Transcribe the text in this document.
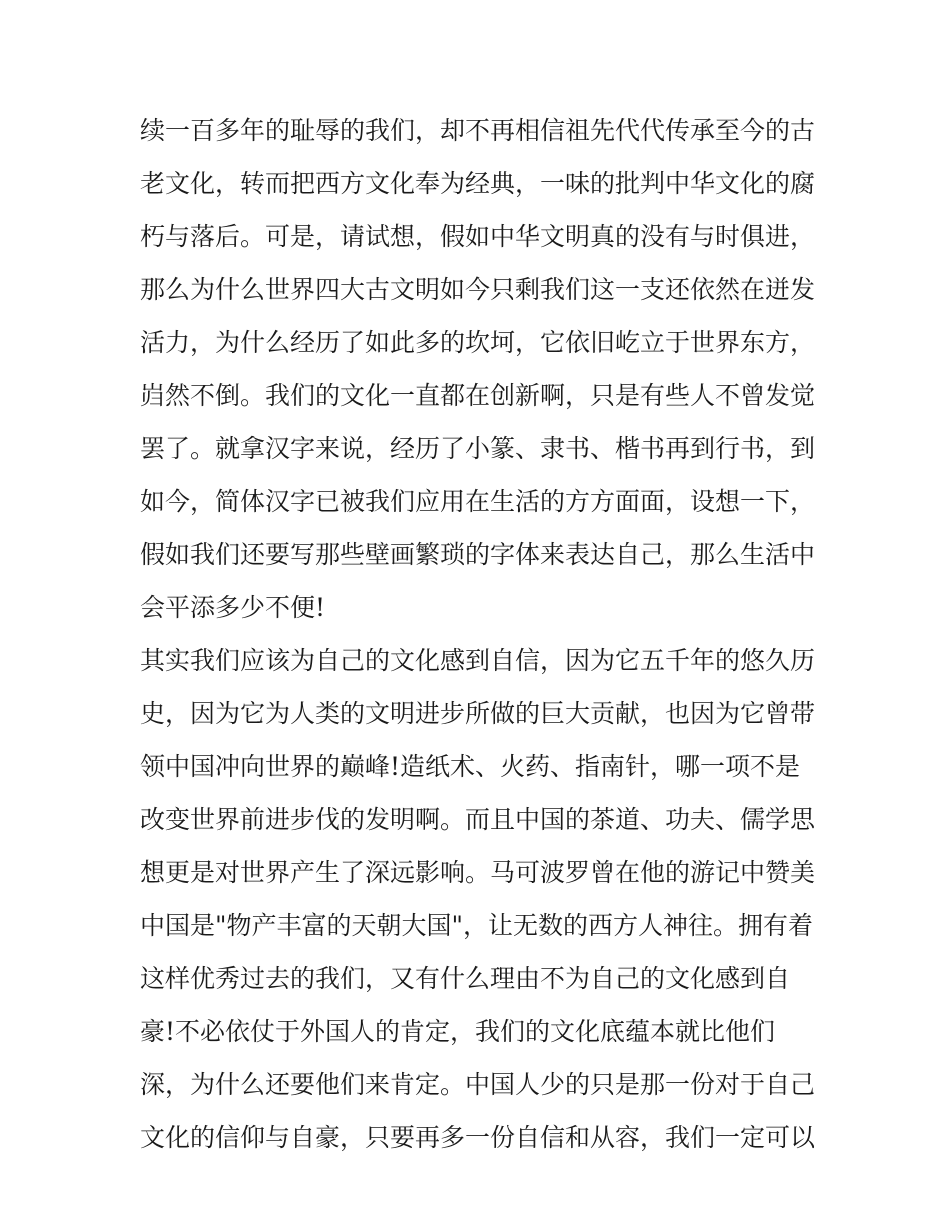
续一百多年的耻辱的我们，却不再相信祖先代代传承至今的古
老文化，转而把西方文化奉为经典，一味的批判中华文化的腐
朽与落后。可是，请试想，假如中华文明真的没有与时俱进，
那么为什么世界四大古文明如今只剩我们这一支还依然在迸发
活力，为什么经历了如此多的坎坷，它依旧屹立于世界东方，
岿然不倒。我们的文化一直都在创新啊，只是有些人不曾发觉
罢了。就拿汉字来说，经历了小篆、隶书、楷书再到行书，到
如今，简体汉字已被我们应用在生活的方方面面，设想一下，
假如我们还要写那些壁画繁琐的字体来表达自己，那么生活中
会平添多少不便!
其实我们应该为自己的文化感到自信，因为它五千年的悠久历
史，因为它为人类的文明进步所做的巨大贡献，也因为它曾带
领中国冲向世界的巅峰!造纸术、火药、指南针，哪一项不是
改变世界前进步伐的发明啊。而且中国的茶道、功夫、儒学思
想更是对世界产生了深远影响。马可波罗曾在他的游记中赞美
中国是"物产丰富的天朝大国"，让无数的西方人神往。拥有着
这样优秀过去的我们，又有什么理由不为自己的文化感到自
豪!不必依仗于外国人的肯定，我们的文化底蕴本就比他们
深，为什么还要他们来肯定。中国人少的只是那一份对于自己
文化的信仰与自豪，只要再多一份自信和从容，我们一定可以
